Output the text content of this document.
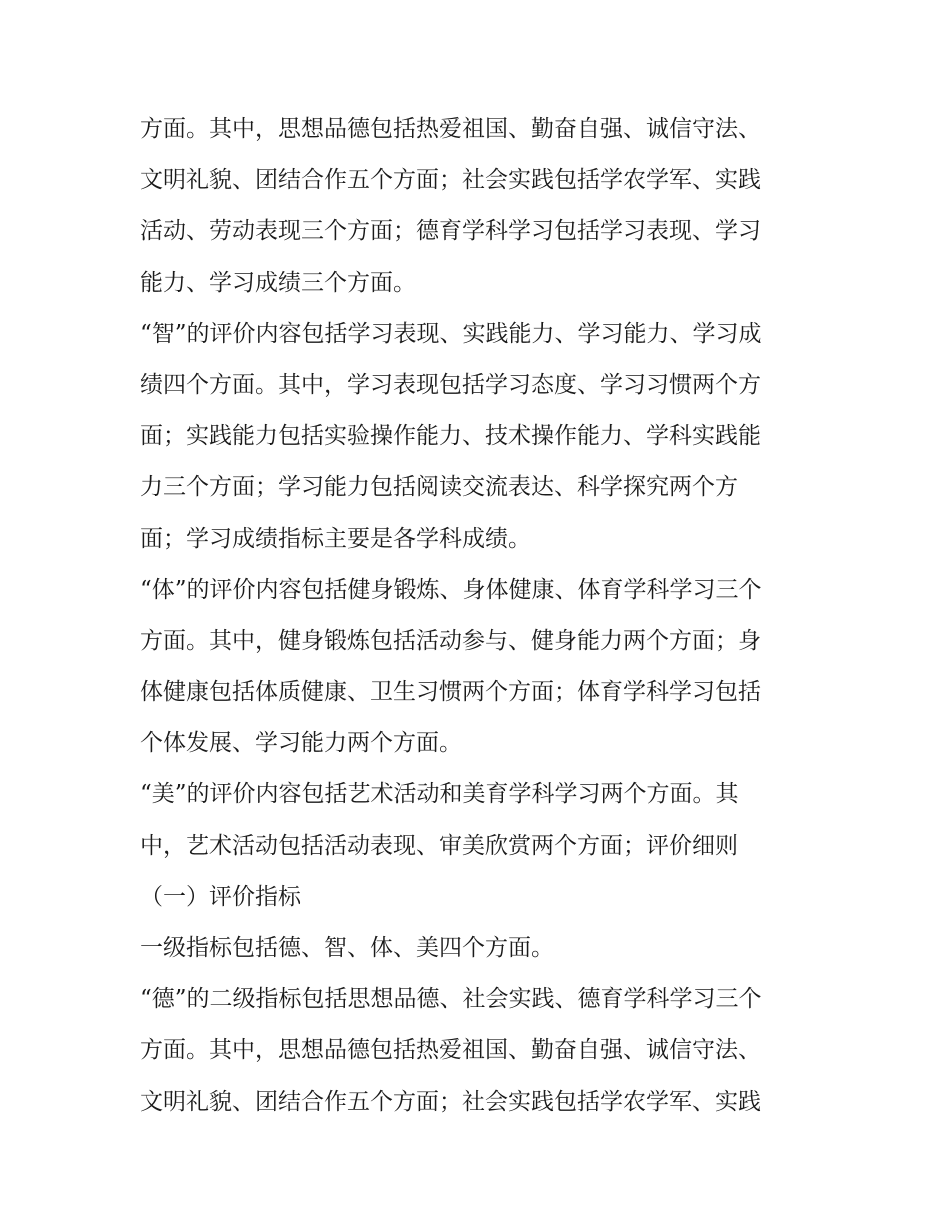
方面。其中，思想品德包括热爱祖国、勤奋自强、诚信守法、
文明礼貌、团结合作五个方面；社会实践包括学农学军、实践
活动、劳动表现三个方面；德育学科学习包括学习表现、学习
能力、学习成绩三个方面。
“智”的评价内容包括学习表现、实践能力、学习能力、学习成
绩四个方面。其中，学习表现包括学习态度、学习习惯两个方
面；实践能力包括实验操作能力、技术操作能力、学科实践能
力三个方面；学习能力包括阅读交流表达、科学探究两个方
面；学习成绩指标主要是各学科成绩。
“体”的评价内容包括健身锻炼、身体健康、体育学科学习三个
方面。其中，健身锻炼包括活动参与、健身能力两个方面；身
体健康包括体质健康、卫生习惯两个方面；体育学科学习包括
个体发展、学习能力两个方面。
“美”的评价内容包括艺术活动和美育学科学习两个方面。其
中，艺术活动包括活动表现、审美欣赏两个方面；评价细则
（一）评价指标
一级指标包括德、智、体、美四个方面。
“德”的二级指标包括思想品德、社会实践、德育学科学习三个
方面。其中，思想品德包括热爱祖国、勤奋自强、诚信守法、
文明礼貌、团结合作五个方面；社会实践包括学农学军、实践
